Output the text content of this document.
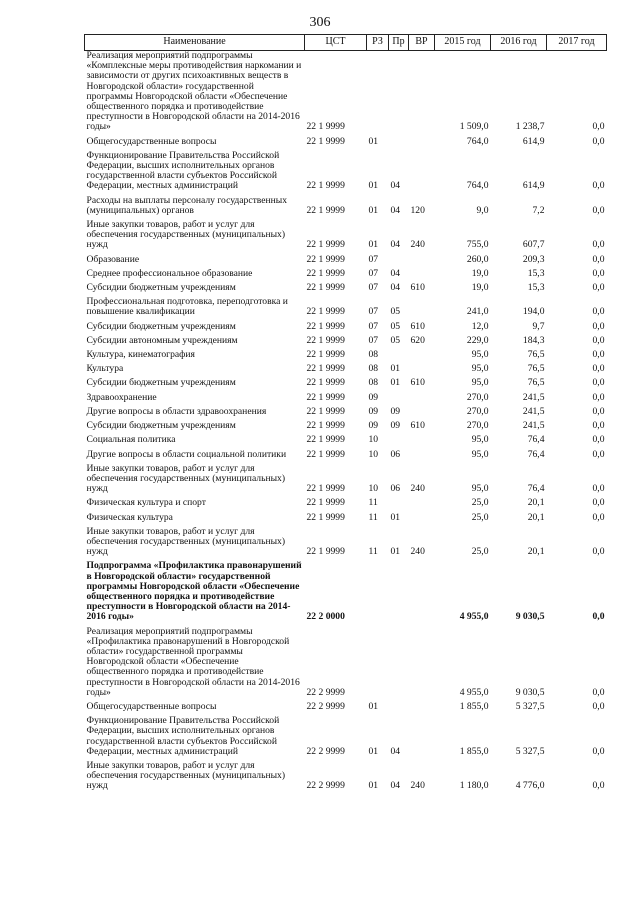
306
Наименование	ЦСТ	РЗ	Пр	ВР	2015 год	2016 год	2017 год
Реализация мероприятий подпрограммы «Комплексные меры противодействия наркомании и зависимости от других психоактивных веществ в Новгородской области» государственной программы Новгородской области «Обеспечение общественного порядка и противодействие преступности в Новгородской области на 2014-2016 годы»	22 1 9999				1 509,0	1 238,7	0,0
Общегосударственные вопросы	22 1 9999	01			764,0	614,9	0,0
Функционирование Правительства Российской Федерации, высших исполнительных органов государственной власти субъектов Российской Федерации, местных администраций	22 1 9999	01	04		764,0	614,9	0,0
Расходы на выплаты персоналу государственных (муниципальных) органов	22 1 9999	01	04	120	9,0	7,2	0,0
Иные закупки товаров, работ и услуг для обеспечения государственных (муниципальных) нужд	22 1 9999	01	04	240	755,0	607,7	0,0
Образование	22 1 9999	07			260,0	209,3	0,0
Среднее профессиональное образование	22 1 9999	07	04		19,0	15,3	0,0
Субсидии бюджетным учреждениям	22 1 9999	07	04	610	19,0	15,3	0,0
Профессиональная подготовка, переподготовка и повышение квалификации	22 1 9999	07	05		241,0	194,0	0,0
Субсидии бюджетным учреждениям	22 1 9999	07	05	610	12,0	9,7	0,0
Субсидии автономным учреждениям	22 1 9999	07	05	620	229,0	184,3	0,0
Культура, кинематография	22 1 9999	08			95,0	76,5	0,0
Культура	22 1 9999	08	01		95,0	76,5	0,0
Субсидии бюджетным учреждениям	22 1 9999	08	01	610	95,0	76,5	0,0
Здравоохранение	22 1 9999	09			270,0	241,5	0,0
Другие вопросы в области здравоохранения	22 1 9999	09	09		270,0	241,5	0,0
Субсидии бюджетным учреждениям	22 1 9999	09	09	610	270,0	241,5	0,0
Социальная политика	22 1 9999	10			95,0	76,4	0,0
Другие вопросы в области социальной политики	22 1 9999	10	06		95,0	76,4	0,0
Иные закупки товаров, работ и услуг для обеспечения государственных (муниципальных) нужд	22 1 9999	10	06	240	95,0	76,4	0,0
Физическая культура и спорт	22 1 9999	11			25,0	20,1	0,0
Физическая культура	22 1 9999	11	01		25,0	20,1	0,0
Иные закупки товаров, работ и услуг для обеспечения государственных (муниципальных) нужд	22 1 9999	11	01	240	25,0	20,1	0,0
Подпрограмма «Профилактика правонарушений в Новгородской области» государственной программы Новгородской области «Обеспечение общественного порядка и противодействие преступности в Новгородской области на 2014-2016 годы»	22 2 0000				4 955,0	9 030,5	0,0
Реализация мероприятий подпрограммы «Профилактика правонарушений в Новгородской области» государственной программы Новгородской области «Обеспечение общественного порядка и противодействие преступности в Новгородской области на 2014-2016 годы»	22 2 9999				4 955,0	9 030,5	0,0
Общегосударственные вопросы	22 2 9999	01			1 855,0	5 327,5	0,0
Функционирование Правительства Российской Федерации, высших исполнительных органов государственной власти субъектов Российской Федерации, местных администраций	22 2 9999	01	04		1 855,0	5 327,5	0,0
Иные закупки товаров, работ и услуг для обеспечения государственных (муниципальных) нужд	22 2 9999	01	04	240	1 180,0	4 776,0	0,0
